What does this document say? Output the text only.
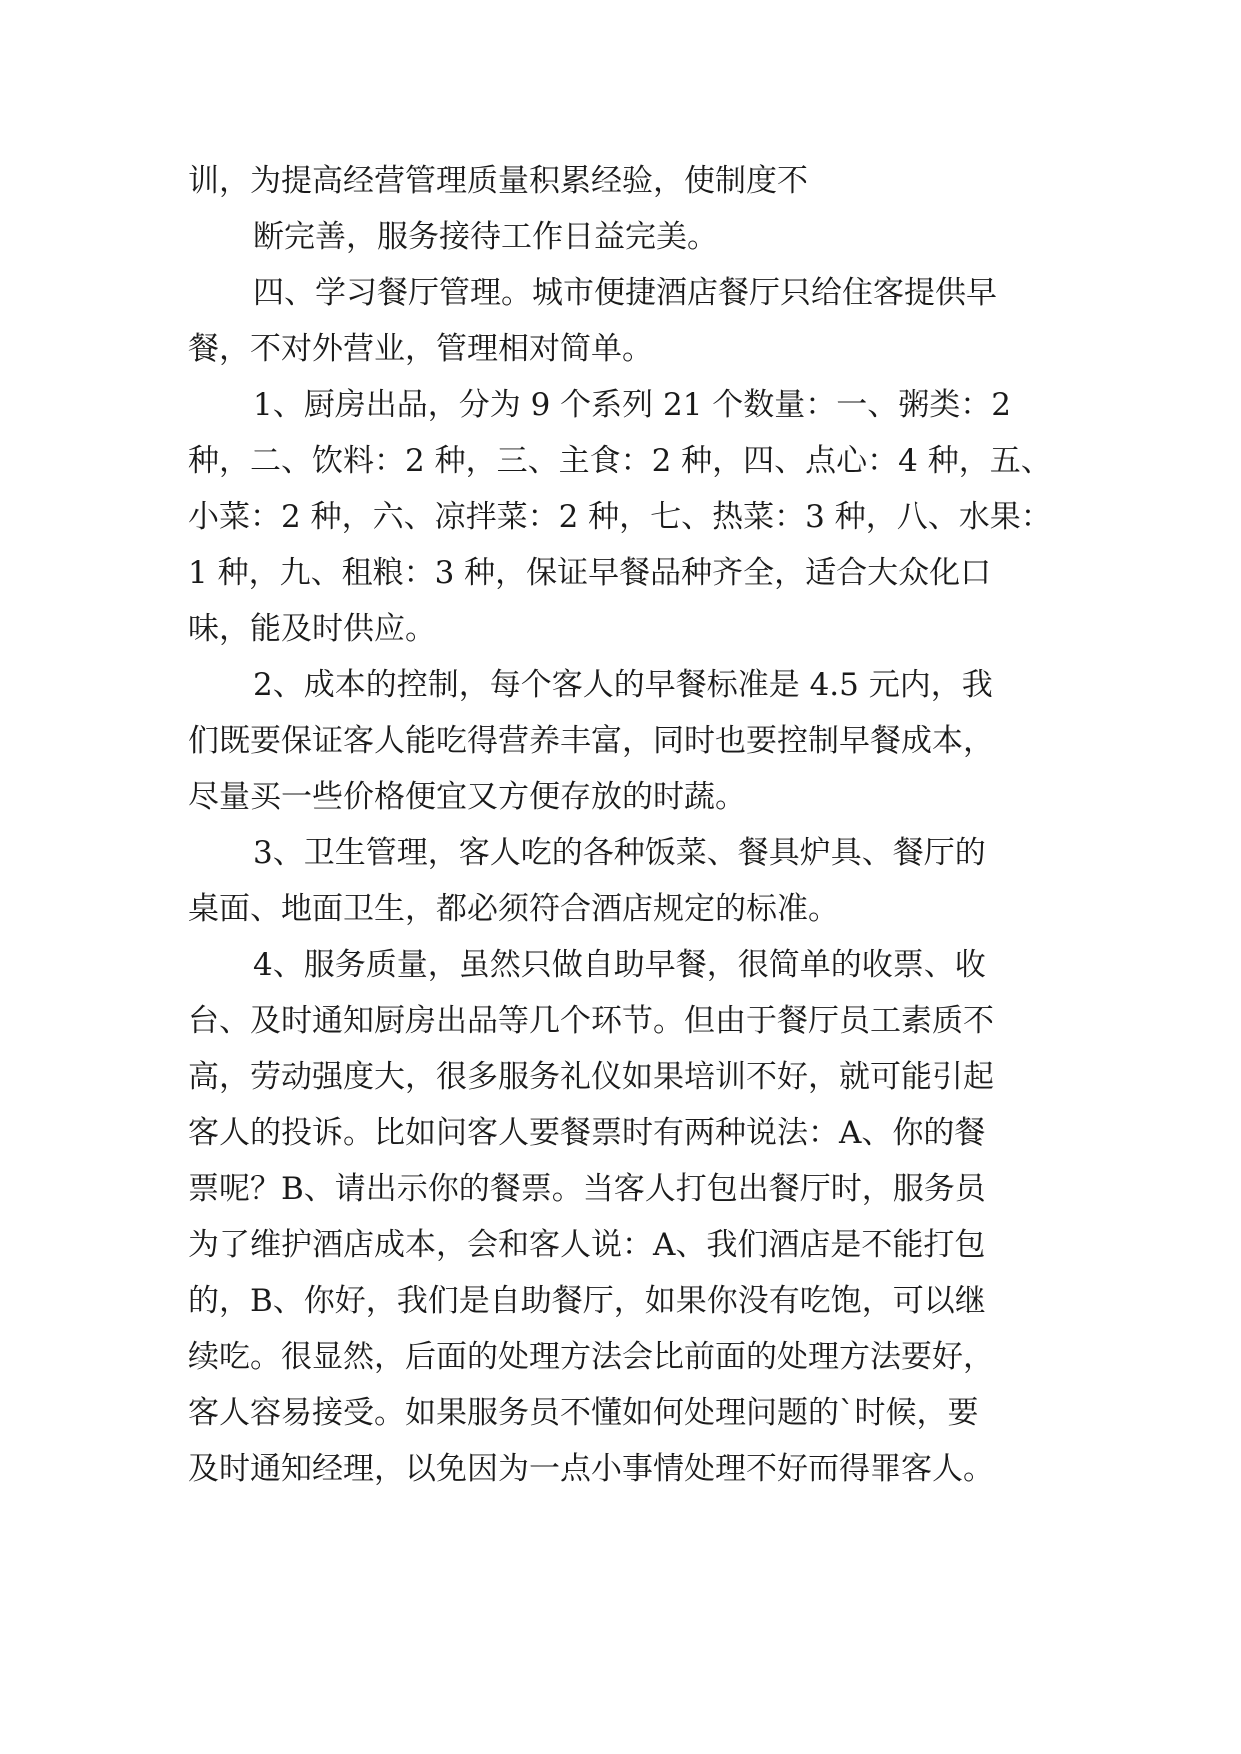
训，为提高经营管理质量积累经验，使制度不
断完善，服务接待工作日益完美。
四、学习餐厅管理。城市便捷酒店餐厅只给住客提供早
餐，不对外营业，管理相对简单。
1、厨房出品，分为 9 个系列 21 个数量：一、粥类：2
种，二、饮料：2 种，三、主食：2 种，四、点心：4 种，五、
小菜：2 种，六、凉拌菜：2 种，七、热菜：3 种，八、水果：
1 种，九、租粮：3 种，保证早餐品种齐全，适合大众化口
味，能及时供应。
2、成本的控制，每个客人的早餐标准是 4.5 元内，我
们既要保证客人能吃得营养丰富，同时也要控制早餐成本，
尽量买一些价格便宜又方便存放的时蔬。
3、卫生管理，客人吃的各种饭菜、餐具炉具、餐厅的
桌面、地面卫生，都必须符合酒店规定的标准。
4、服务质量，虽然只做自助早餐，很简单的收票、收
台、及时通知厨房出品等几个环节。但由于餐厅员工素质不
高，劳动强度大，很多服务礼仪如果培训不好，就可能引起
客人的投诉。比如问客人要餐票时有两种说法：A、你的餐
票呢？B、请出示你的餐票。当客人打包出餐厅时，服务员
为了维护酒店成本，会和客人说：A、我们酒店是不能打包
的，B、你好，我们是自助餐厅，如果你没有吃饱，可以继
续吃。很显然，后面的处理方法会比前面的处理方法要好，
客人容易接受。如果服务员不懂如何处理问题的`时候，要
及时通知经理，以免因为一点小事情处理不好而得罪客人。
